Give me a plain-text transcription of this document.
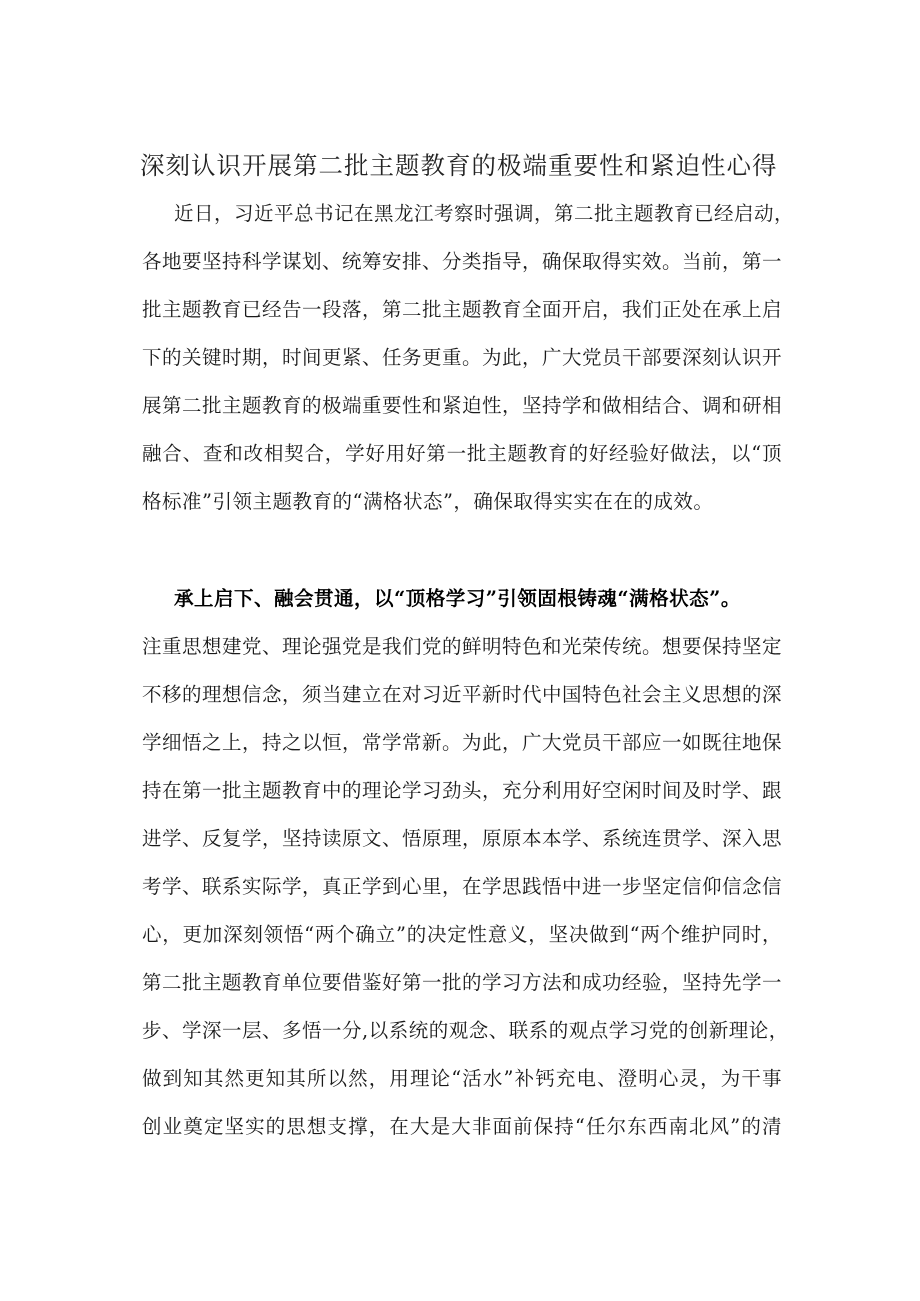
深刻认识开展第二批主题教育的极端重要性和紧迫性心得
近日，习近平总书记在黑龙江考察时强调，第二批主题教育已经启动，
各地要坚持科学谋划、统筹安排、分类指导，确保取得实效。当前，第一
批主题教育已经告一段落，第二批主题教育全面开启，我们正处在承上启
下的关键时期，时间更紧、任务更重。为此，广大党员干部要深刻认识开
展第二批主题教育的极端重要性和紧迫性，坚持学和做相结合、调和研相
融合、查和改相契合，学好用好第一批主题教育的好经验好做法，以“顶
格标准”引领主题教育的“满格状态”，确保取得实实在在的成效。
承上启下、融会贯通，以“顶格学习”引领固根铸魂“满格状态”。
注重思想建党、理论强党是我们党的鲜明特色和光荣传统。想要保持坚定
不移的理想信念，须当建立在对习近平新时代中国特色社会主义思想的深
学细悟之上，持之以恒，常学常新。为此，广大党员干部应一如既往地保
持在第一批主题教育中的理论学习劲头，充分利用好空闲时间及时学、跟
进学、反复学，坚持读原文、悟原理，原原本本学、系统连贯学、深入思
考学、联系实际学，真正学到心里，在学思践悟中进一步坚定信仰信念信
心，更加深刻领悟“两个确立”的决定性意义，坚决做到“两个维护同时，
第二批主题教育单位要借鉴好第一批的学习方法和成功经验，坚持先学一
步、学深一层、多悟一分,以系统的观念、联系的观点学习党的创新理论，
做到知其然更知其所以然，用理论“活水”补钙充电、澄明心灵，为干事
创业奠定坚实的思想支撑，在大是大非面前保持“任尔东西南北风”的清
